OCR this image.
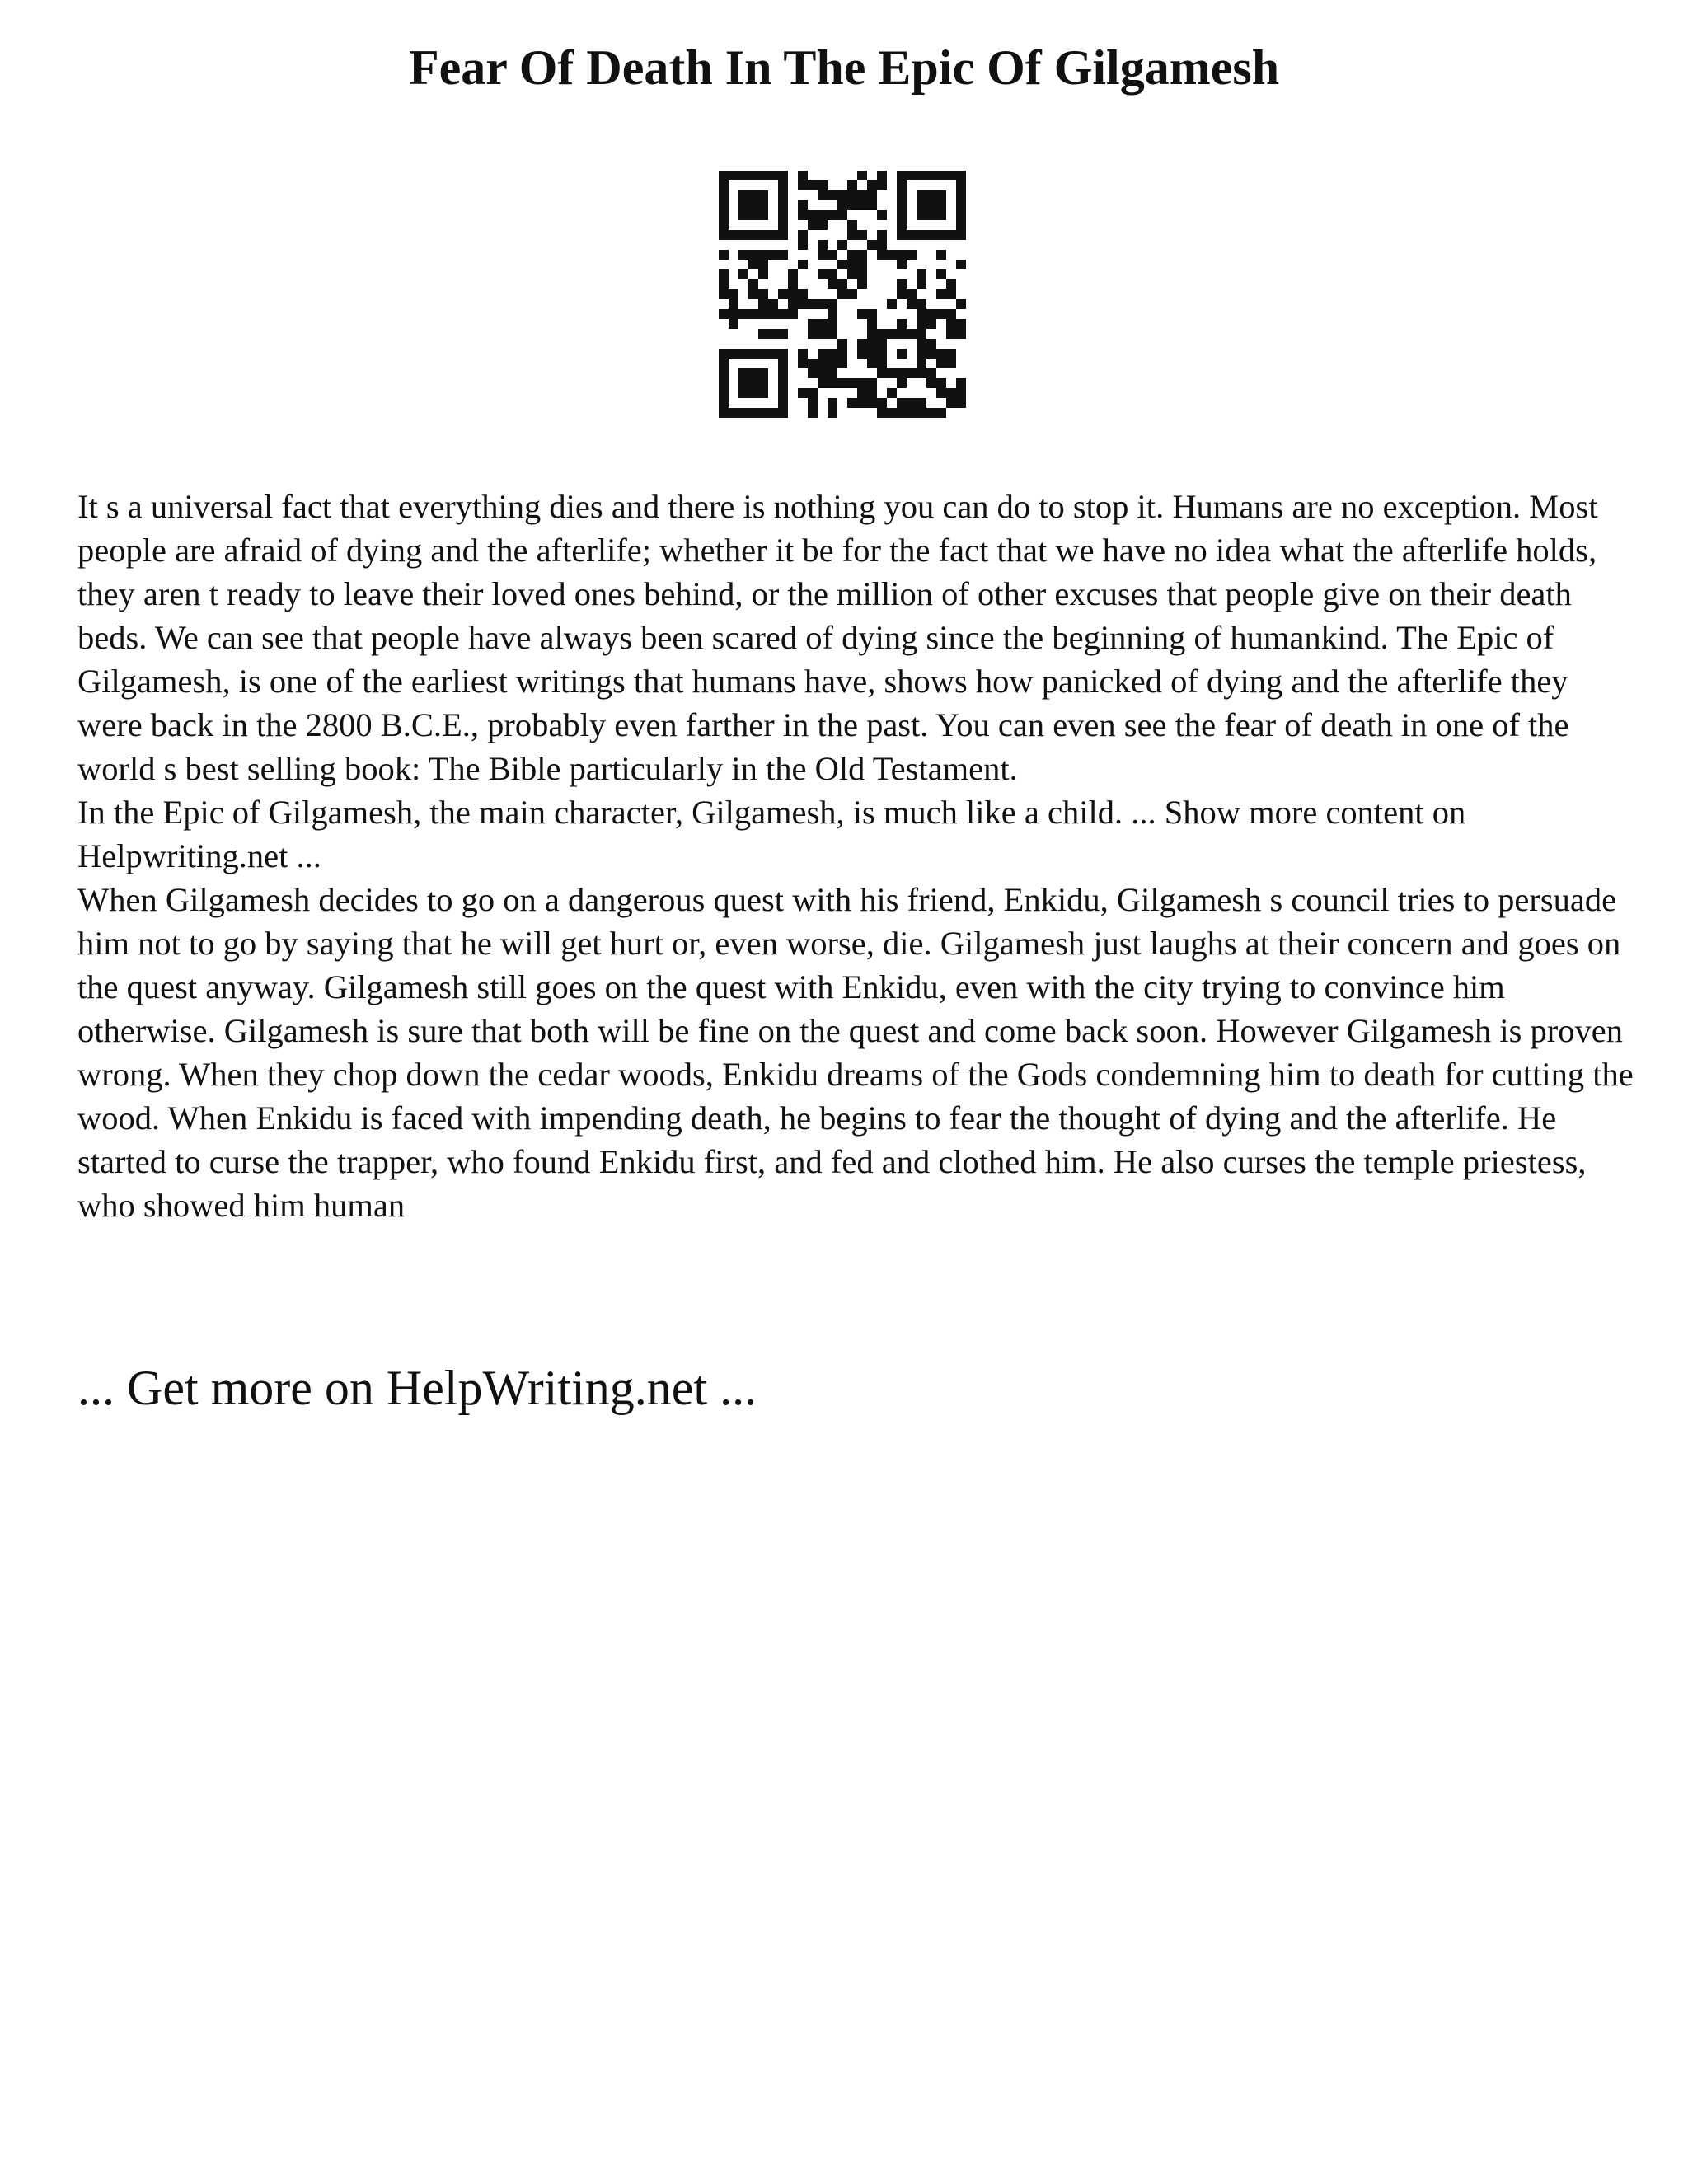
Fear Of Death In The Epic Of Gilgamesh

It s a universal fact that everything dies and there is nothing you can do to stop it. Humans are no exception. Most people are afraid of dying and the afterlife; whether it be for the fact that we have no idea what the afterlife holds, they aren t ready to leave their loved ones behind, or the million of other excuses that people give on their death beds. We can see that people have always been scared of dying since the beginning of humankind. The Epic of Gilgamesh, is one of the earliest writings that humans have, shows how panicked of dying and the afterlife they were back in the 2800 B.C.E., probably even farther in the past. You can even see the fear of death in one of the world s best selling book: The Bible particularly in the Old Testament.

In the Epic of Gilgamesh, the main character, Gilgamesh, is much like a child. ... Show more content on Helpwriting.net ...

When Gilgamesh decides to go on a dangerous quest with his friend, Enkidu, Gilgamesh s council tries to persuade him not to go by saying that he will get hurt or, even worse, die. Gilgamesh just laughs at their concern and goes on the quest anyway. Gilgamesh still goes on the quest with Enkidu, even with the city trying to convince him otherwise. Gilgamesh is sure that both will be fine on the quest and come back soon. However Gilgamesh is proven wrong. When they chop down the cedar woods, Enkidu dreams of the Gods condemning him to death for cutting the wood. When Enkidu is faced with impending death, he begins to fear the thought of dying and the afterlife. He started to curse the trapper, who found Enkidu first, and fed and clothed him. He also curses the temple priestess, who showed him human

... Get more on HelpWriting.net ...
